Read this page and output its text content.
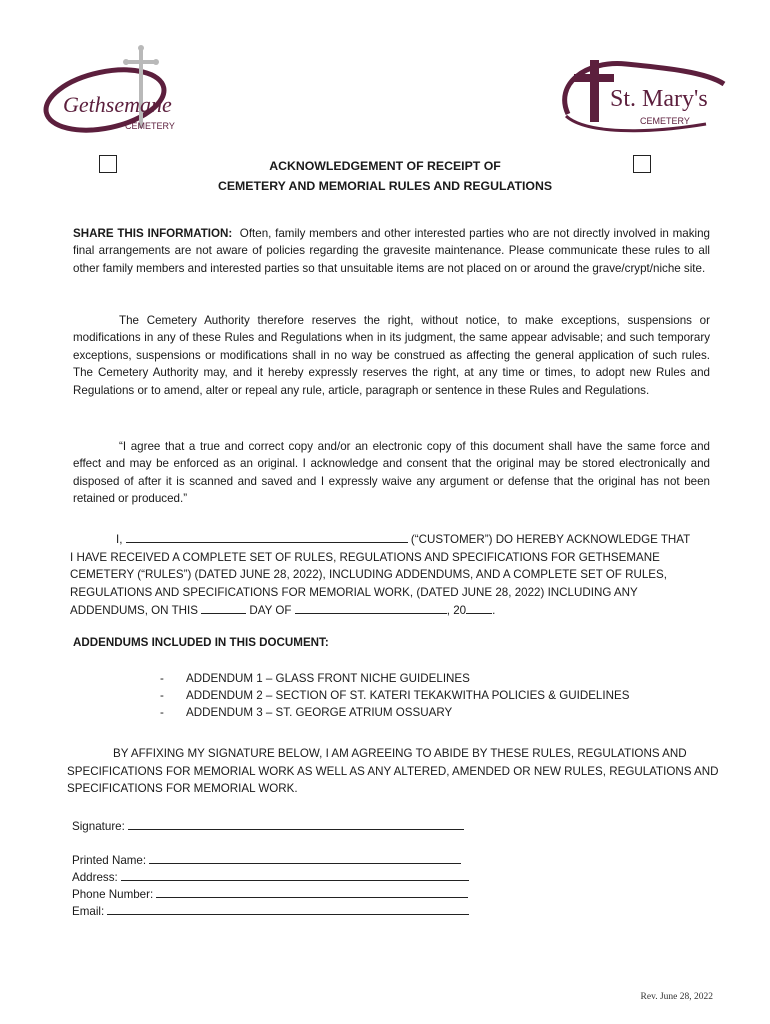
Gethsemane
CEMETERY
St. Mary's
CEMETERY
ACKNOWLEDGEMENT OF RECEIPT OF
CEMETERY AND MEMORIAL RULES AND REGULATIONS
SHARE THIS INFORMATION: Often, family members and other interested parties who are not directly involved in making final arrangements are not aware of policies regarding the gravesite maintenance. Please communicate these rules to all other family members and interested parties so that unsuitable items are not placed on or around the grave/crypt/niche site.
The Cemetery Authority therefore reserves the right, without notice, to make exceptions, suspensions or modifications in any of these Rules and Regulations when in its judgment, the same appear advisable; and such temporary exceptions, suspensions or modifications shall in no way be construed as affecting the general application of such rules. The Cemetery Authority may, and it hereby expressly reserves the right, at any time or times, to adopt new Rules and Regulations or to amend, alter or repeal any rule, article, paragraph or sentence in these Rules and Regulations.
“I agree that a true and correct copy and/or an electronic copy of this document shall have the same force and effect and may be enforced as an original. I acknowledge and consent that the original may be stored electronically and disposed of after it is scanned and saved and I expressly waive any argument or defense that the original has not been retained or produced.”
I,	(“CUSTOMER”) DO HEREBY ACKNOWLEDGE THAT
I HAVE RECEIVED A COMPLETE SET OF RULES, REGULATIONS AND SPECIFICATIONS FOR GETHSEMANE
CEMETERY (“RULES”) (DATED JUNE 28, 2022), INCLUDING ADDENDUMS, AND A COMPLETE SET OF RULES,
REGULATIONS AND SPECIFICATIONS FOR MEMORIAL WORK, (DATED JUNE 28, 2022) INCLUDING ANY
ADDENDUMS, ON THIS	DAY OF	, 20 .
ADDENDUMS INCLUDED IN THIS DOCUMENT:
- ADDENDUM 1 – GLASS FRONT NICHE GUIDELINES
- ADDENDUM 2 – SECTION OF ST. KATERI TEKAKWITHA POLICIES & GUIDELINES
- ADDENDUM 3 – ST. GEORGE ATRIUM OSSUARY
BY AFFIXING MY SIGNATURE BELOW, I AM AGREEING TO ABIDE BY THESE RULES, REGULATIONS AND
SPECIFICATIONS FOR MEMORIAL WORK AS WELL AS ANY ALTERED, AMENDED OR NEW RULES, REGULATIONS AND
SPECIFICATIONS FOR MEMORIAL WORK.
Signature:
Printed Name:
Address:
Phone Number:
Email:
Rev. June 28, 2022
